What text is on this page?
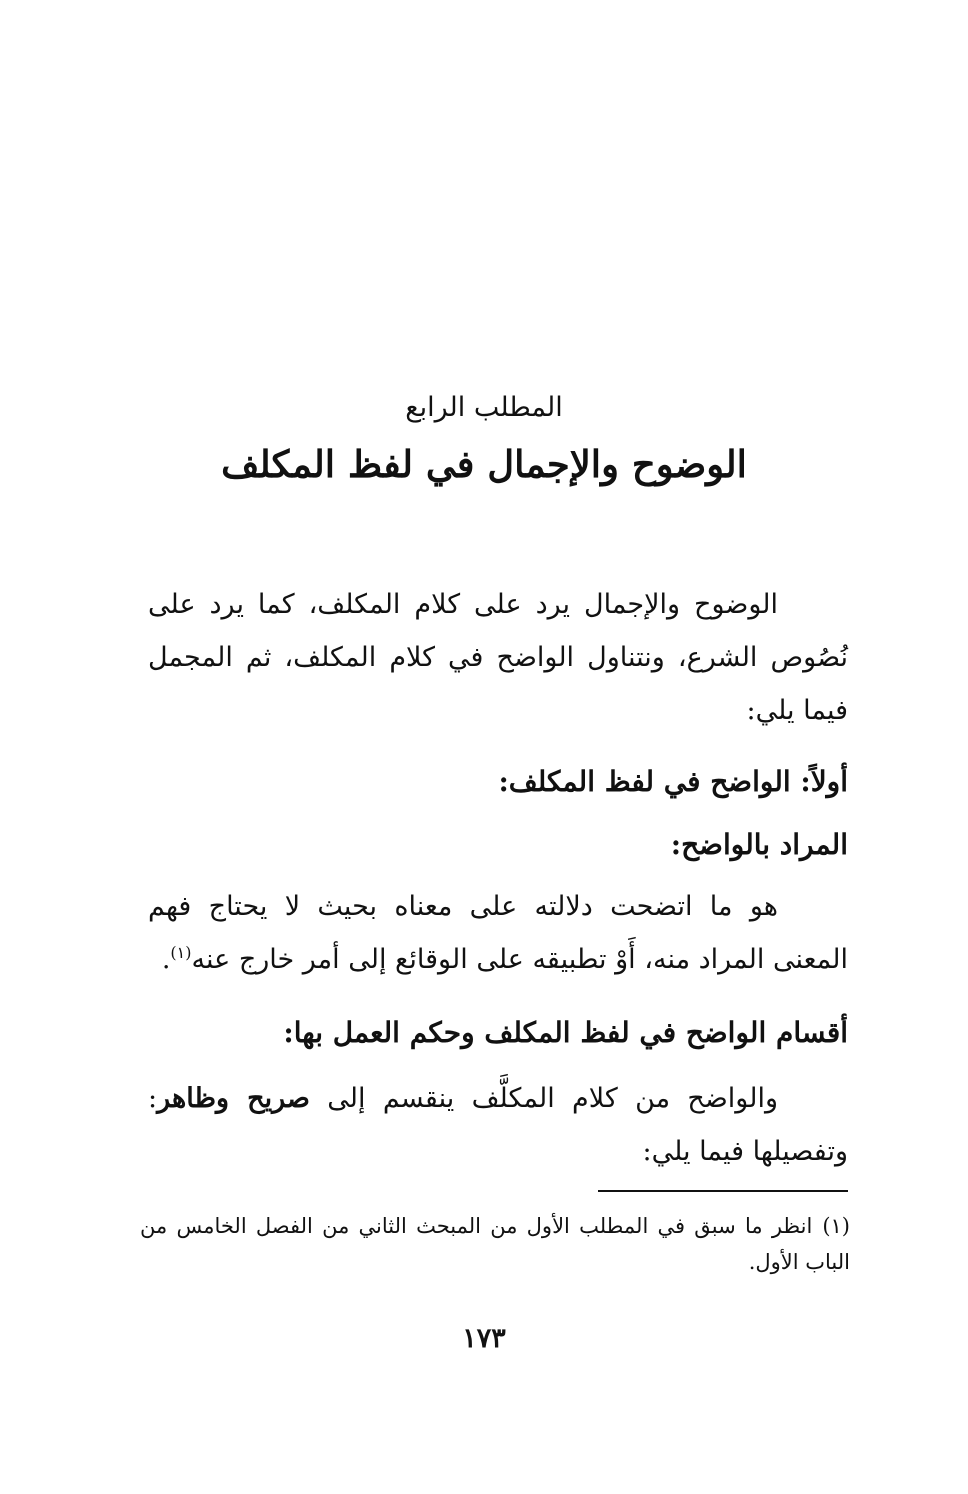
المطلب الرابع
الوضوح والإجمال في لفظ المكلف

الوضوح والإجمال يرد على كلام المكلف، كما يرد على نُصُوص الشرع، ونتناول الواضح في كلام المكلف، ثم المجمل فيما يلي:

أولاً: الواضح في لفظ المكلف:
المراد بالواضح:

هو ما اتضحت دلالته على معناه بحيث لا يحتاج فهم المعنى المراد منه، أَوْ تطبيقه على الوقائع إلى أمر خارج عنه$^{(١)}$.

أقسام الواضح في لفظ المكلف وحكم العمل بها:

والواضح من كلام المكلَّف ينقسم إلى صريح وظاهر: وتفصيلها فيما يلي:

(١)انظر ما سبق في المطلب الأول من المبحث الثاني من الفصل الخامس من الباب الأول.

١٧٣
